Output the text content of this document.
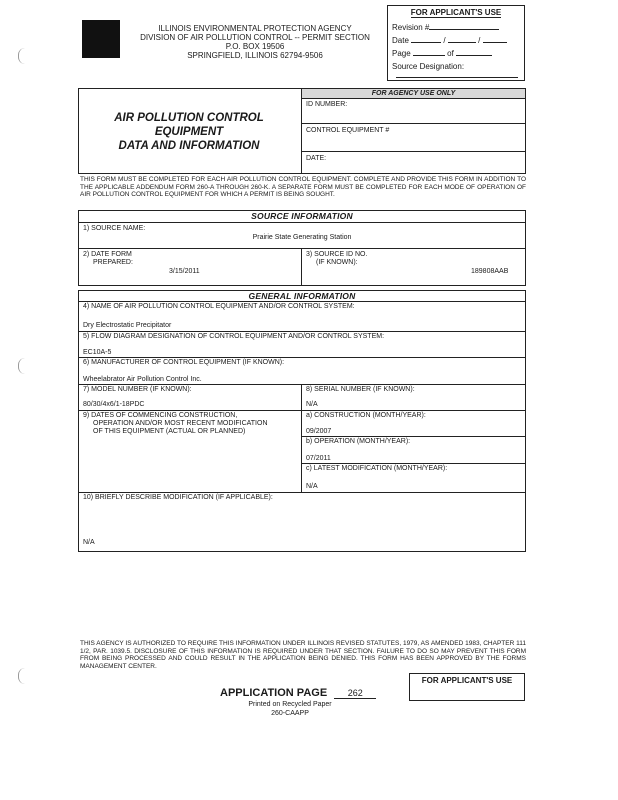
ILLINOIS ENVIRONMENTAL PROTECTION AGENCY
DIVISION OF AIR POLLUTION CONTROL -- PERMIT SECTION
P.O. BOX 19506
SPRINGFIELD, ILLINOIS 62794-9506
FOR APPLICANT'S USE
Revision #
Date	/	/
Page	of
Source Designation:
AIR POLLUTION CONTROL
EQUIPMENT
DATA AND INFORMATION
FOR AGENCY USE ONLY
ID NUMBER:
CONTROL EQUIPMENT #
DATE:
THIS FORM MUST BE COMPLETED FOR EACH AIR POLLUTION CONTROL EQUIPMENT. COMPLETE AND PROVIDE THIS FORM IN ADDITION TO THE APPLICABLE ADDENDUM FORM 260-A THROUGH 260-K. A SEPARATE FORM MUST BE COMPLETED FOR EACH MODE OF OPERATION OF AIR POLLUTION CONTROL EQUIPMENT FOR WHICH A PERMIT IS BEING SOUGHT.
SOURCE INFORMATION
1) SOURCE NAME:
Prairie State Generating Station
2) DATE FORM
PREPARED:
3/15/2011
3) SOURCE ID NO.
(IF KNOWN):
189808AAB
GENERAL INFORMATION
4) NAME OF AIR POLLUTION CONTROL EQUIPMENT AND/OR CONTROL SYSTEM:
Dry Electrostatic Precipitator
5) FLOW DIAGRAM DESIGNATION OF CONTROL EQUIPMENT AND/OR CONTROL SYSTEM:
EC10A-5
6) MANUFACTURER OF CONTROL EQUIPMENT (IF KNOWN):
Wheelabrator Air Pollution Control Inc.
7) MODEL NUMBER (IF KNOWN):
80/30/4x6/1-18PDC
8) SERIAL NUMBER (IF KNOWN):
N/A
9) DATES OF COMMENCING CONSTRUCTION,
OPERATION AND/OR MOST RECENT MODIFICATION
OF THIS EQUIPMENT (ACTUAL OR PLANNED)
a) CONSTRUCTION (MONTH/YEAR):
09/2007
b) OPERATION (MONTH/YEAR):
07/2011
c) LATEST MODIFICATION (MONTH/YEAR):
N/A
10) BRIEFLY DESCRIBE MODIFICATION (IF APPLICABLE):
N/A
THIS AGENCY IS AUTHORIZED TO REQUIRE THIS INFORMATION UNDER ILLINOIS REVISED STATUTES, 1979, AS AMENDED 1983, CHAPTER 111 1/2, PAR. 1039.5. DISCLOSURE OF THIS INFORMATION IS REQUIRED UNDER THAT SECTION. FAILURE TO DO SO MAY PREVENT THIS FORM FROM BEING PROCESSED AND COULD RESULT IN THE APPLICATION BEING DENIED. THIS FORM HAS BEEN APPROVED BY THE FORMS MANAGEMENT CENTER.
FOR APPLICANT'S USE
APPLICATION PAGE 262
Printed on Recycled Paper
260-CAAPP
